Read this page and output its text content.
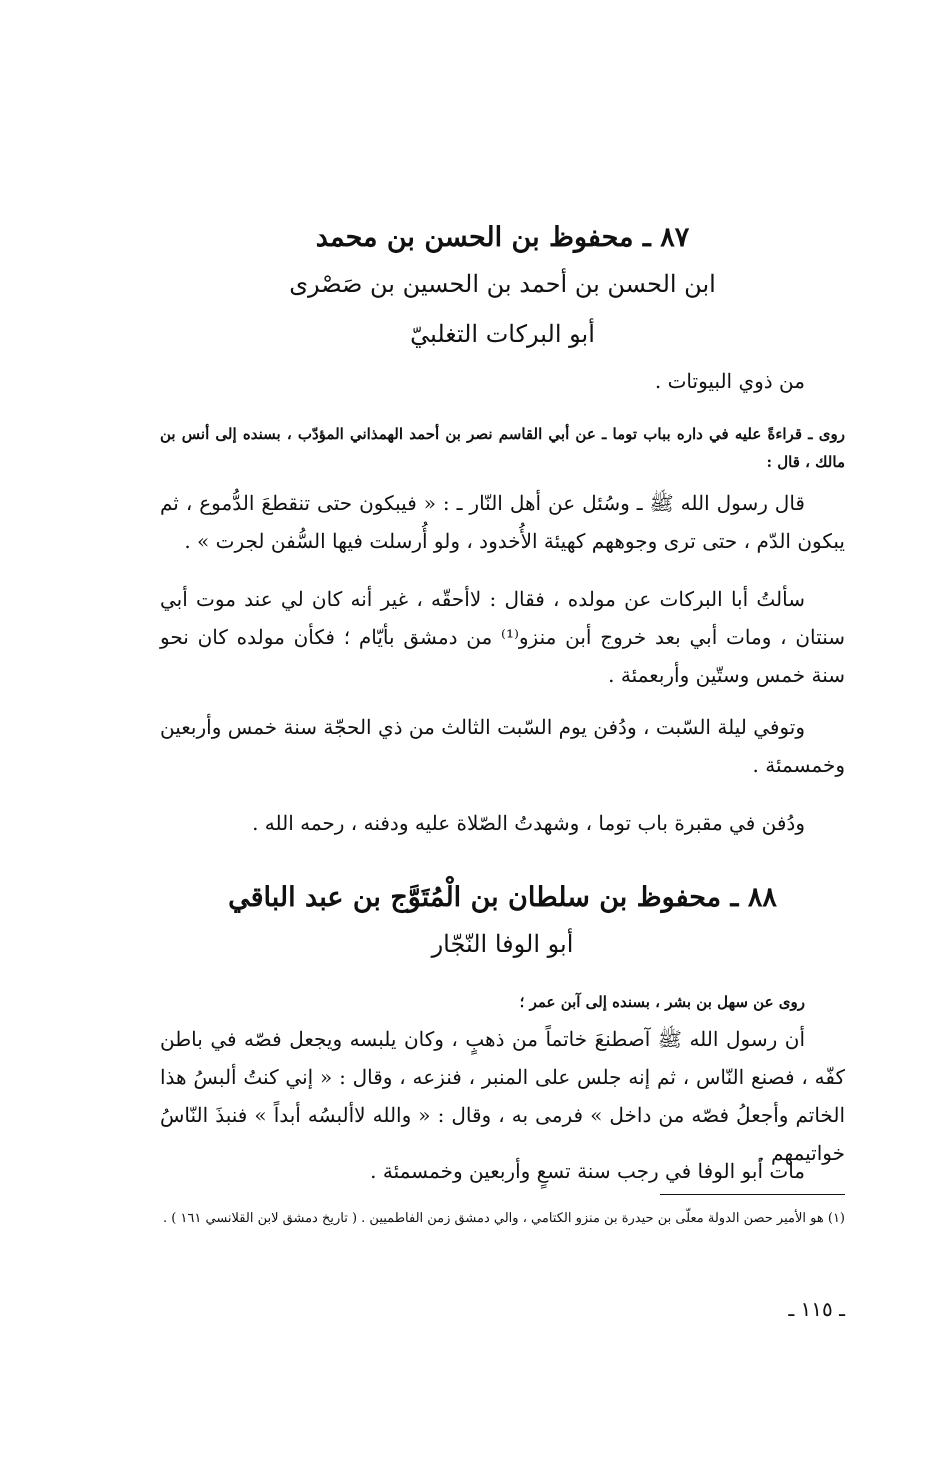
٨٧ ـ محفوظ بن الحسن بن محمد
ابن الحسن بن أحمد بن الحسين بن صَصْرى
أبو البركات التغلبيّ
من ذوي البيوتات .
روى ـ قراءةً عليه في داره بباب توما ـ عن أبي القاسم نصر بن أحمد الهمذاني المؤدّب ، بسنده إلى أنس بن مالك ، قال :
قال رسول الله ﷺ ـ وسُئل عن أهل النّار ـ : « فيبكون حتى تنقطعَ الدُّموع ، ثم يبكون الدّم ، حتى ترى وجوههم كهيئة الأُخدود ، ولو أُرسلت فيها السُّفن لجرت » .
سألتُ أبا البركات عن مولده ، فقال : لاأحقّه ، غير أنه كان لي عند موت أبي سنتان ، ومات أبي بعد خروج أبن منزو⁽¹⁾ من دمشق بأيّام ؛ فكأن مولده كان نحو سنة خمس وستّين وأربعمئة .
وتوفي ليلة السّبت ، ودُفن يوم السّبت الثالث من ذي الحجّة سنة خمس وأربعين وخمسمئة .
ودُفن في مقبرة باب توما ، وشهدتُ الصّلاة عليه ودفنه ، رحمه الله .
٨٨ ـ محفوظ بن سلطان بن الْمُتَوَّج بن عبد الباقي
أبو الوفا النّجّار
روى عن سهل بن بشر ، بسنده إلى آبن عمر ؛
أن رسول الله ﷺ آصطنعَ خاتماً من ذهبٍ ، وكان يلبسه ويجعل فصّه في باطن كفّه ، فصنع النّاس ، ثم إنه جلس على المنبر ، فنزعه ، وقال : « إني كنتُ ألبسُ هذا الخاتم وأجعلُ فصّه من داخل » فرمى به ، وقال : « والله لاألبسُه أبداً » فنبذَ النّاسُ خواتيمهم .
مات أبو الوفا في رجب سنة تسعٍ وأربعين وخمسمئة .
(١) هو الأمير حصن الدولة معلّى بن حيدرة بن منزو الكتامي ، والي دمشق زمن الفاطميين . ( تاريخ دمشق لابن القلانسي ١٦١ ) .
ـ ١١٥ ـ
